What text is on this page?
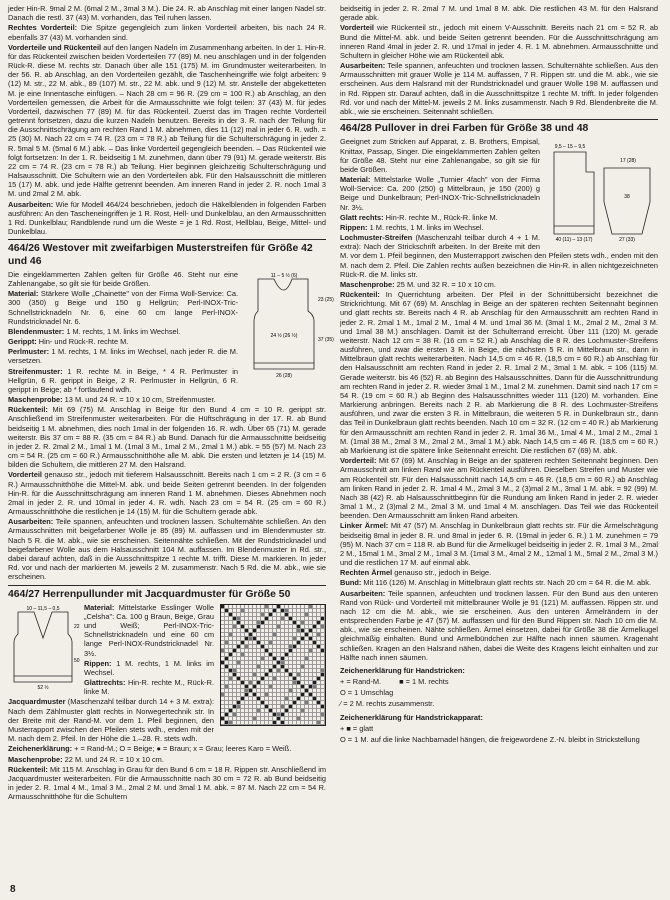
jeder Hin-R. 9mal 2 M. (6mal 2 M., 3mal 3 M.). Die 24. R. ab Anschlag mit einer langen Nadel str. Danach die restl. 37 (43) M. vorhanden, das Teil ruhen lassen.
Rechtes Vorderteil: Die Spitze gegengleich zum linken Vorderteil arbeiten, bis nach 24 R. ebenfalls 37 (43) M. vorhanden sind.
Vorderteile und Rückenteil auf den langen Nadeln im Zusammenhang arbeiten. In der 1. Hin-R. für das Rückenteil zwischen beiden Vorderteilen 77 (89) M. neu anschlagen und in der folgenden Rück-R. diese M. rechts str. Danach über alle 151 (175) M. im Grundmuster weiterarbeiten. In der 56. R. ab Anschlag, an den Vorderteilen gezählt, die Taschenheingriffe wie folgt arbeiten: 9 (12) M. str., 22 M. abk., 89 (107) M. str., 22 M. abk. und 9 (12) M. str. Anstelle der abgeketteten M. je eine Innentasche einfügen. – Nach 28 cm = 96 R. (29 cm = 100 R.) ab Anschlag, an den Vorderteilen gemessen, die Arbeit für die Armausschnitte wie folgt teilen: 37 (43) M. für jedes Vorderteil, dazwischen 77 (89) M. für das Rückenteil. Zuerst das im Tragen rechte Vorderteil getrennt fortsetzen, dazu die kurzen Nadeln benutzen. Bereits in der 3. R. nach der Teilung für die Ausschnittschrägung am rechten Rand 1 M. abnehmen, dies 11 (12) mal in jeder 6. R. wdh. = 25 (30) M. Nach 22 cm = 74 R. (23 cm = 78 R.) ab Teilung für die Schulterschrägung in jeder 2. R. 5mal 5 M. (5mal 6 M.) abk. – Das linke Vorderteil gegengleich beenden. – Das Rückenteil wie folgt fortsetzen: In der 1. R. beidseitig 1 M. zunehmen, dann über 79 (91) M. gerade weiterstr. Bis 22 cm = 74 R. (23 cm = 78 R.) ab Teilung. Hier beginnen gleichzeitig Schulterschrägung und Halsausschnitt. Die Schultern wie an den Vorderteilen abk. Für den Halsausschnitt die mittleren 15 (17) M. abk. und jede Hälfte getrennt beenden. Am inneren Rand in jeder 2. R. noch 1mal 3 M. und 2mal 2 M. abk.
Ausarbeiten: Wie für Modell 464/24 beschrieben, jedoch die Häkelblenden in folgenden Farben ausführen: An den Tascheneingriffen je 1 R. Rost, Hell- und Dunkelblau, an den Armausschnitten 1 Rd. Dunkelblau; Randblende rund um die Weste = je 1 Rd. Rost, Hellblau, Beige, Mittel- und Dunkelblau.
464/26 Westover mit zweifarbigen Musterstreifen für Größe 42 und 46
11 – 5 ½ (6)
23 (25)
37 (35)
24 ½ (26 ½)
26 (28)
Die eingeklammerten Zahlen gelten für Größe 46. Steht nur eine Zahlenangabe, so gilt sie für beide Größen.
Material: Stärkere Wolle „Chainette" von der Firma Woll-Service: Ca. 300 (350) g Beige und 150 g Hellgrün; Perl-INOX-Tric-Schnellstricknadeln Nr. 6, eine 60 cm lange Perl-INOX-Rundstricknadel Nr. 6.
Blendenmuster: 1 M. rechts, 1 M. links im Wechsel.
Gerippt: Hin- und Rück-R. rechte M.
Perlmuster: 1 M. rechts, 1 M. links im Wechsel, nach jeder R. die M. versetzen.
Streifenmuster: 1 R. rechte M. in Beige, * 4 R. Perlmuster in Hellgrün, 6 R. gerippt in Beige, 2 R. Perlmuster in Hellgrün, 6 R. gerippt in Beige; ab * fortlaufend wdh.
Maschenprobe: 13 M. und 24 R. = 10 x 10 cm, Streifenmuster.
Rückenteil: Mit 69 (75) M. Anschlag in Beige für den Bund 4 cm = 10 R. gerippt str. Anschließend im Streifenmuster weiterarbeiten. Für die Hüftschrägung in der 17. R. ab Bund beidseitig 1 M. abnehmen, dies noch 1mal in der folgenden 16. R. wdh. Über 65 (71) M. gerade weiterstr. Bis 37 cm = 88 R. (35 cm = 84 R.) ab Bund. Danach für die Armausschnitte beidseitig in jeder 2. R. 2mal 2 M., 1mal 1 M. (1mal 3 M., 1mal 2 M., 2mal 1 M.) abk. = 55 (57) M. Nach 23 cm = 54 R. (25 cm = 60 R.) Armausschnitthöhe alle M. abk. Die ersten und letzten je 14 (15) M. bilden die Schultern, die mittleren 27 M. den Halsrand.
Vorderteil genauso str., jedoch mit tieferem Halsausschnitt. Bereits nach 1 cm = 2 R. (3 cm = 6 R.) Armausschnitthöhe die Mittel-M. abk. und beide Seiten getrennt beenden. In der folgenden Hin-R. für die Ausschnittschrägung am inneren Rand 1 M. abnehmen. Dieses Abnehmen noch 2mal in jeder 2. R. und 10mal in jeder 4. R. wdh. Nach 23 cm = 54 R. (25 cm = 60 R.) Armausschnitthöhe die restlichen je 14 (15) M. für die Schultern gerade abk.
Ausarbeiten: Teile spannen, anfeuchten und trocknen lassen. Schulternähte schließen. An den Armausschnitten mit beigefarbener Wolle je 85 (89) M. auffassen und im Blendenmuster str. Nach 5 R. die M. abk., wie sie erscheinen. Seitennähte schließen. Mit der Rundstricknadel und beigefarbener Wolle aus dem Halsausschnitt 104 M. auffassen. Im Blendenmuster in Rd. str., dabei darauf achten, daß in die Ausschnittspitze 1 rechte M. trifft. Diese M. markieren. In jeder Rd. vor und nach der markierten M. jeweils 2 M. zusammenstr. Nach 5 Rd. die M. abk., wie sie erscheinen.
464/27 Herrenpullunder mit Jacquardmuster für Größe 50
10 – 11,5 – 0,5
22
50
52 ½
Material: Mittelstarke Esslinger Wolle „Celsha": Ca. 100 g Braun, Beige, Grau und Weiß; Perl-INOX-Tric-Schnellstricknadeln und eine 60 cm lange Perl-INOX-Rundstricknadel Nr. 3½.
Rippen: 1 M. rechts, 1 M. links im Wechsel.
Glattrechts: Hin-R. rechte M., Rück-R. linke M.
Jacquardmuster (Maschenzahl teilbar durch 14 + 3 M. extra): Nach dem Zählmuster glatt rechts in Norwegertechnik str. In der Breite mit der Rand-M. vor dem 1. Pfeil beginnen, den Musterrapport zwischen den Pfeilen stets wdh., enden mit der M. nach dem 2. Pfeil. In der Höhe die 1.–28. R. stets wdh.
Zeichenerklärung: + = Rand-M.; O = Beige; ● = Braun; x = Grau; leeres Karo = Weiß.
Maschenprobe: 22 M. und 24 R. = 10 x 10 cm.
Rückenteil: Mit 115 M. Anschlag in Grau für den Bund 6 cm = 18 R. Rippen str. Anschließend im Jacquardmuster weiterarbeiten. Für die Armausschnitte nach 30 cm = 72 R. ab Bund beidseitig in jeder 2. R. 1mal 4 M., 1mal 3 M., 2mal 2 M. und 3mal 1 M. abk. = 87 M. Nach 22 cm = 54 R. Armausschnitthöhe für die Schultern
beidseitig in jeder 2. R. 2mal 7 M. und 1mal 8 M. abk. Die restlichen 43 M. für den Halsrand gerade abk.
Vorderteil wie Rückenteil str., jedoch mit einem V-Ausschnitt. Bereits nach 21 cm = 52 R. ab Bund die Mittel-M. abk. und beide Seiten getrennt beenden. Für die Ausschnittschrägung am inneren Rand 4mal in jeder 2. R. und 17mal in jeder 4. R. 1 M. abnehmen. Armausschnitte und Schultern in gleicher Höhe wie am Rückenteil abk.
Ausarbeiten: Teile spannen, anfeuchten und trocknen lassen. Schulternähte schließen. Aus den Armausschnitten mit grauer Wolle je 114 M. auffassen, 7 R. Rippen str. und die M. abk., wie sie erscheinen. Aus dem Halsrand mit der Rundstricknadel und grauer Wolle 198 M. auffassen und in Rd. Rippen str. Darauf achten, daß in die Ausschnittspitze 1 rechte M. trifft. In jeder folgenden Rd. vor und nach der Mittel-M. jeweils 2 M. links zusammenstr. Nach 9 Rd. Blendenbreite die M. abk., wie sie erscheinen. Seitennaht schließen.
464/28 Pullover in drei Farben für Größe 38 und 48
9,5 – 15 – 9,5
17 (28)
40 (11) – 13 (17)
38
27 (33)
Geeignet zum Stricken auf Apparat, z. B. Brothers, Empisal, Knittax, Passap, Singer. Die eingeklammerten Zahlen gelten für Größe 48. Steht nur eine Zahlenangabe, so gilt sie für beide Größen.
Material: Mittelstarke Wolle „Turnier 4fach" von der Firma Woll-Service: Ca. 200 (250) g Mittelbraun, je 150 (200) g Beige und Dunkelbraun; Perl-INOX-Tric-Schnellstricknadeln Nr. 3½.
Glatt rechts: Hin-R. rechte M., Rück-R. linke M.
Rippen: 1 M. rechts, 1 M. links im Wechsel.
Lochmuster-Streifen (Maschenzahl teilbar durch 4 + 1 M. extra): Nach der Strickschrift arbeiten. In der Breite mit den M. vor dem 1. Pfeil beginnen, den Musterrapport zwischen den Pfeilen stets wdh., enden mit den M. nach dem 2. Pfeil. Die Zahlen rechts außen bezeichnen die Hin-R. in allen nichtgezeichneten Rück-R. die M. links str.
Maschenprobe: 25 M. und 32 R. = 10 x 10 cm.
Rückenteil: In Querrichtung arbeiten. Der Pfeil in der Schnittübersicht bezeichnet die Strickrichtung. Mit 67 (69) M. Anschlag in Beige an der späteren rechten Seitennaht beginnen und glatt rechts str. Bereits nach 4 R. ab Anschlag für den Armausschnitt am rechten Rand in jeder 2. R. 2mal 1 M., 1mal 2 M., 1mal 4 M. und 1mal 36 M. (3mal 1 M., 2mal 2 M., 2mal 3 M. und 1mal 38 M.) anschlagen. Damit ist der Schulterrand erreicht. Über 111 (120) M. gerade weiterstr. Nach 12 cm = 38 R. (16 cm = 52 R.) ab Anschlag die 8 R. des Lochmuster-Streifens ausführen, und zwar die ersten 3 R. in Beige, die nächsten 5 R. in Mittelbraun str., dann in Mittelbraun glatt rechts weiterarbeiten. Nach 14,5 cm = 46 R. (18,5 cm = 60 R.) ab Anschlag für den Halsausschnitt am rechten Rand in jeder 2. R. 1mal 2 M., 3mal 1 M. abk. = 106 (115) M. Gerade weiterstr. bis 46 (52) R. ab Beginn des Halsausschnittes. Dann für die Ausschnittrundung am rechten Rand in jeder 2. R. wieder 3mal 1 M., 1mal 2 M. zunehmen. Damit sind nach 17 cm = 54 R. (19 cm = 60 R.) ab Beginn des Halsausschnittes wieder 111 (120) M. vorhanden. Eine Markierung anbringen. Bereits nach 2 R. ab Markierung die 8 R. des Lochmuster-Streifens ausführen, und zwar die ersten 3 R. in Mittelbraun, die weiteren 5 R. in Dunkelbraun str., dann das Teil in Dunkelbraun glatt rechts beenden. Nach 10 cm = 32 R. (12 cm = 40 R.) ab Markierung für den Armausschnitt am rechten Rand in jeder 2. R. 1mal 36 M., 1mal 4 M., 1mal 2 M., 2mal 1 M. (1mal 38 M., 2mal 3 M., 2mal 2 M., 3mal 1 M.) abk. Nach 14,5 cm = 46 R. (18,5 cm = 60 R.) ab Markierung ist die spätere linke Seitennaht erreicht. Die restlichen 67 (69) M. abk.
Vorderteil: Mit 67 (69) M. Anschlag in Beige an der späteren rechten Seitennaht beginnen. Den Armausschnitt am linken Rand wie am Rückenteil ausführen. Dieselben Streifen und Muster wie am Rückenteil str. Für den Halsausschnitt nach 14,5 cm = 46 R. (18,5 cm = 60 R.) ab Anschlag am linken Rand in jeder 2. R. 1mal 4 M., 2mal 3 M., 2 (3)mal 2 M., 3mal 1 M. abk. = 92 (99) M. Nach 38 (42) R. ab Halsausschnittbeginn für die Rundung am linken Rand in jeder 2. R. wieder 3mal 1 M., 2 (3)mal 2 M., 2mal 3 M. und 1mal 4 M. anschlagen. Das Teil wie das Rückenteil beenden. Den Armausschnitt am linken Rand arbeiten.
Linker Ärmel: Mit 47 (57) M. Anschlag in Dunkelbraun glatt rechts str. Für die Ärmelschrägung beidseitig 8mal in jeder 8. R. und 8mal in jeder 6. R. (19mal in jeder 6. R.) 1 M. zunehmen = 79 (95) M. Nach 37 cm = 118 R. ab Bund für die Ärmelkugel beidseitig in jeder 2. R. 1mal 3 M., 2mal 2 M., 15mal 1 M., 3mal 2 M., 1mal 3 M. (1mal 3 M., 4mal 2 M., 12mal 1 M., 5mal 2 M., 2mal 3 M.) und die restlichen 17 M. auf einmal abk.
Rechten Ärmel genauso str., jedoch in Beige.
Bund: Mit 116 (126) M. Anschlag in Mittelbraun glatt rechts str. Nach 20 cm = 64 R. die M. abk.
Ausarbeiten: Teile spannen, anfeuchten und trocknen lassen. Für den Bund aus den unteren Rand von Rück- und Vorderteil mit mittelbrauner Wolle je 91 (121) M. auffassen. Rippen str. und nach 12 cm die M. abk., wie sie erscheinen. Aus den unteren Ärmelrändern in der entsprechenden Farbe je 47 (57) M. auffassen und für den Bund Rippen str. Nach 10 cm die M. abk., wie sie erscheinen. Nähte schließen. Ärmel einsetzen, dabei für Größe 38 die Ärmelkugel gleichmäßig einhalten. Bund und Armelbündchen zur Hälfte nach innen säumen. Kragenaht schließen. Kragen an den Halsrand nähen, dabei die Weite des Kragens leicht einhalten und zur Hälfte nach innen säumen.
Zeichenerklärung für Handstricken:
+ = Rand-M. ■ = 1 M. rechts
O = 1 Umschlag
⁄ = 2 M. rechts zusammenstr.
Zeichenerklärung für Handstrickapparat:
+ ■ = glatt
O = 1 M. auf die linke Nachbarnadel hängen, die freigewordene Z.-N. bleibt in Strickstellung
8
